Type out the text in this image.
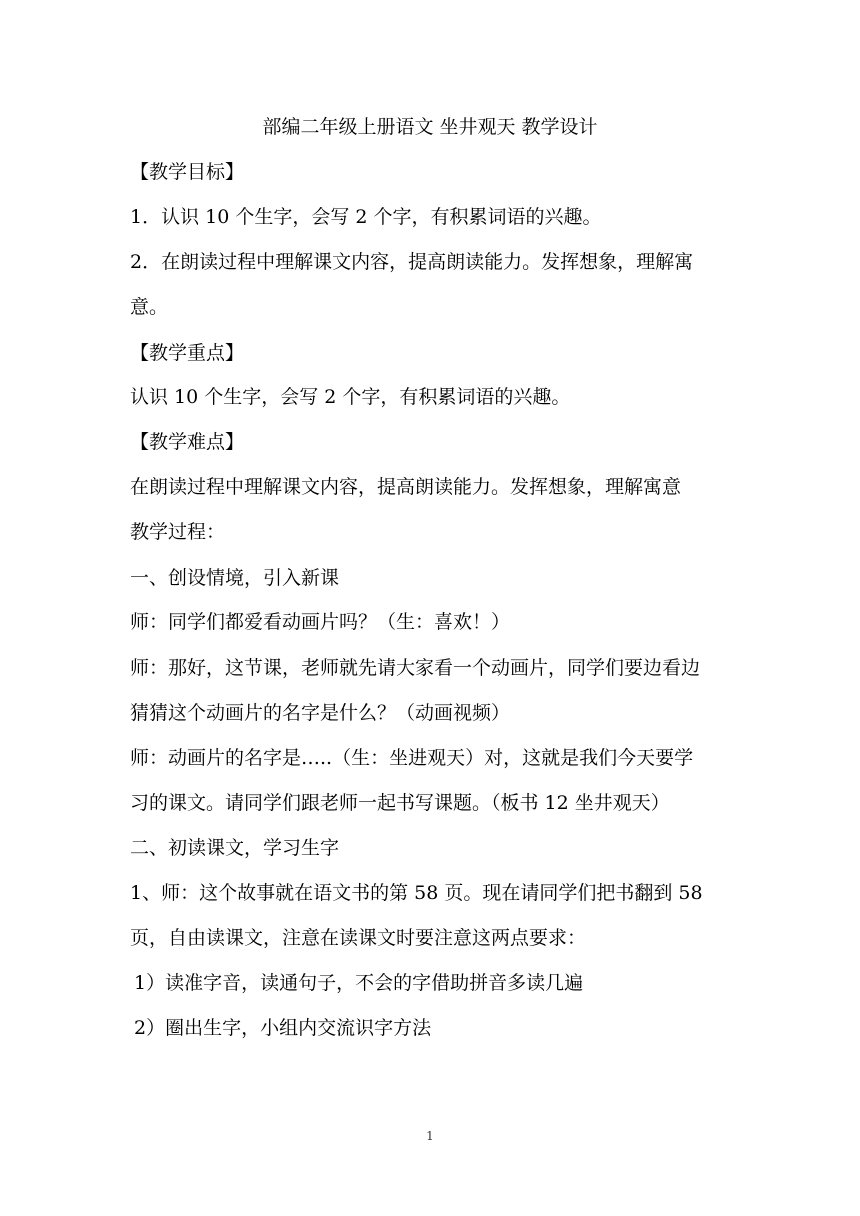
部编二年级上册语文 坐井观天 教学设计
【教学目标】
1．认识 10 个生字，会写 2 个字，有积累词语的兴趣。
2．在朗读过程中理解课文内容，提高朗读能力。发挥想象，理解寓
意。
【教学重点】
认识 10 个生字，会写 2 个字，有积累词语的兴趣。
【教学难点】
在朗读过程中理解课文内容，提高朗读能力。发挥想象，理解寓意
教学过程：
一、创设情境，引入新课
师：同学们都爱看动画片吗？（生：喜欢！）
师：那好，这节课，老师就先请大家看一个动画片，同学们要边看边
猜猜这个动画片的名字是什么？（动画视频）
师：动画片的名字是…..（生：坐进观天）对，这就是我们今天要学
习的课文。请同学们跟老师一起书写课题。（板书 12 坐井观天）
二、初读课文，学习生字
1、师：这个故事就在语文书的第 58 页。现在请同学们把书翻到 58
页，自由读课文，注意在读课文时要注意这两点要求：
1）读准字音，读通句子，不会的字借助拼音多读几遍
2）圈出生字，小组内交流识字方法
1
